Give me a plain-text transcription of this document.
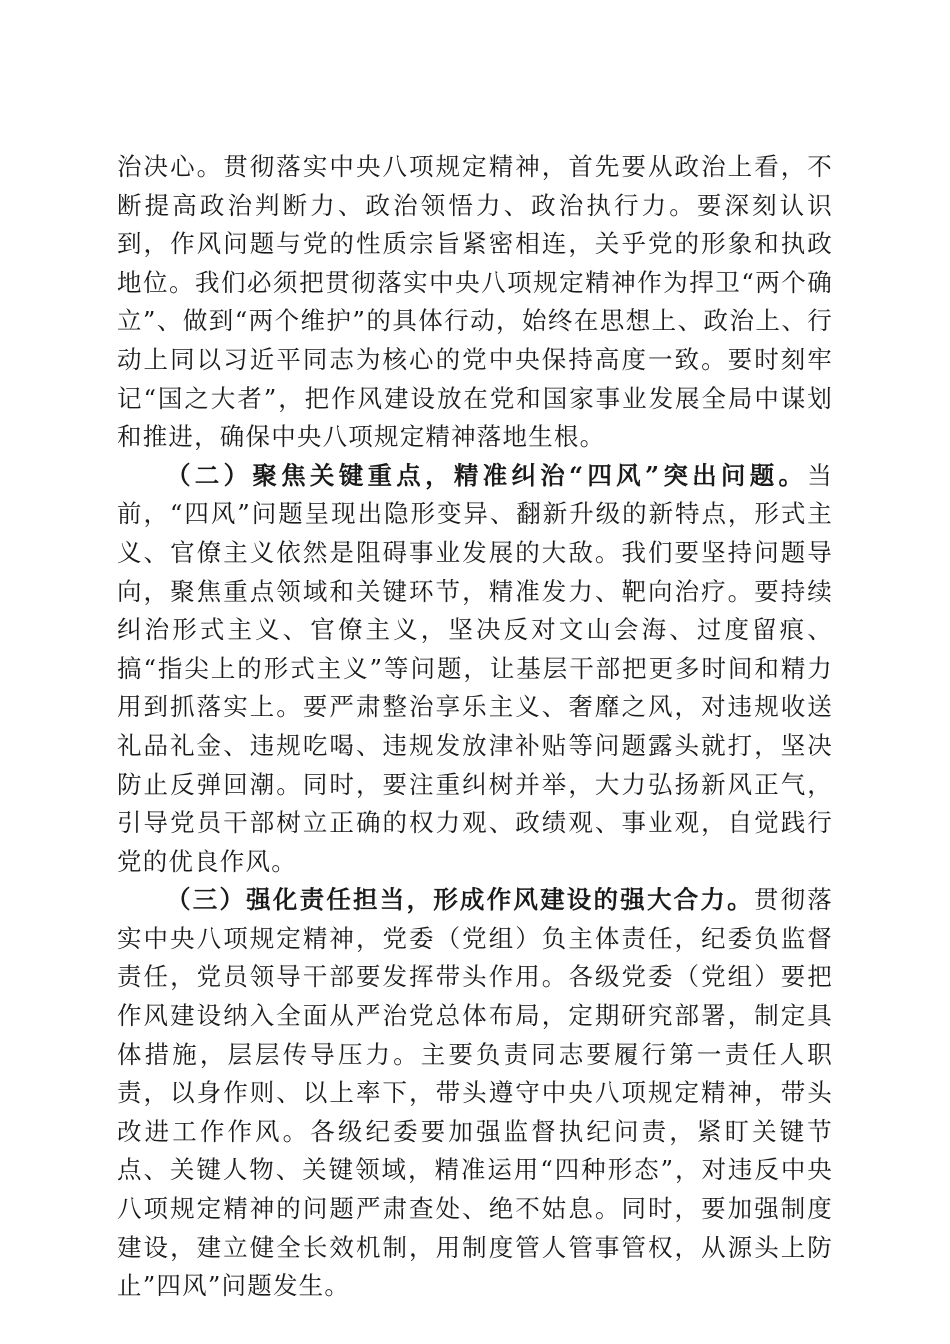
治决心。贯彻落实中央八项规定精神，首先要从政治上看，不断提高政治判断力、政治领悟力、政治执行力。要深刻认识到，作风问题与党的性质宗旨紧密相连，关乎党的形象和执政地位。我们必须把贯彻落实中央八项规定精神作为捍卫“两个确立”、做到“两个维护”的具体行动，始终在思想上、政治上、行动上同以习近平同志为核心的党中央保持高度一致。要时刻牢记“国之大者”，把作风建设放在党和国家事业发展全局中谋划和推进，确保中央八项规定精神落地生根。

（二）聚焦关键重点，精准纠治“四风”突出问题。当前，“四风”问题呈现出隐形变异、翻新升级的新特点，形式主义、官僚主义依然是阻碍事业发展的大敌。我们要坚持问题导向，聚焦重点领域和关键环节，精准发力、靶向治疗。要持续纠治形式主义、官僚主义，坚决反对文山会海、过度留痕、搞“指尖上的形式主义”等问题，让基层干部把更多时间和精力用到抓落实上。要严肃整治享乐主义、奢靡之风，对违规收送礼品礼金、违规吃喝、违规发放津补贴等问题露头就打，坚决防止反弹回潮。同时，要注重纠树并举，大力弘扬新风正气，引导党员干部树立正确的权力观、政绩观、事业观，自觉践行党的优良作风。

（三）强化责任担当，形成作风建设的强大合力。贯彻落实中央八项规定精神，党委（党组）负主体责任，纪委负监督责任，党员领导干部要发挥带头作用。各级党委（党组）要把作风建设纳入全面从严治党总体布局，定期研究部署，制定具体措施，层层传导压力。主要负责同志要履行第一责任人职责，以身作则、以上率下，带头遵守中央八项规定精神，带头改进工作作风。各级纪委要加强监督执纪问责，紧盯关键节点、关键人物、关键领域，精准运用“四种形态”，对违反中央八项规定精神的问题严肃查处、绝不姑息。同时，要加强制度建设，建立健全长效机制，用制度管人管事管权，从源头上防止”四风”问题发生。
